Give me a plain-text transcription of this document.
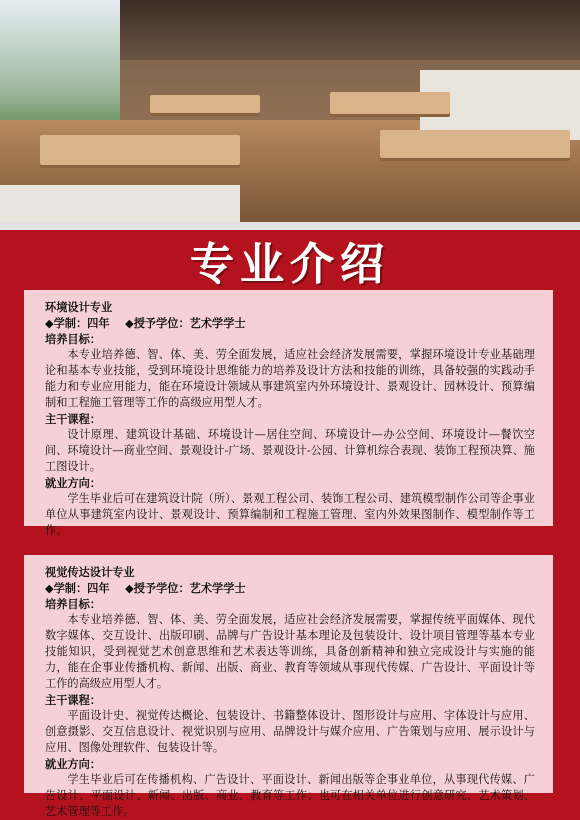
专业介绍

环境设计专业

◆学制：四年 ◆授予学位：艺术学学士

培养目标：

本专业培养德、智、体、美、劳全面发展，适应社会经济发展需要，掌握环境设计专业基础理论和基本专业技能，受到环境设计思维能力的培养及设计方法和技能的训练，具备较强的实践动手能力和专业应用能力，能在环境设计领域从事建筑室内外环境设计、景观设计、园林设计、预算编制和工程施工管理等工作的高级应用型人才。

主干课程：

设计原理、建筑设计基础、环境设计—居住空间、环境设计—办公空间、环境设计—餐饮空间、环境设计—商业空间、景观设计-广场、景观设计-公园、计算机综合表现、装饰工程预决算、施工图设计。

就业方向：

学生毕业后可在建筑设计院（所）、景观工程公司、装饰工程公司、建筑模型制作公司等企事业单位从事建筑室内设计、景观设计、预算编制和工程施工管理、室内外效果图制作、模型制作等工作。

视觉传达设计专业

◆学制：四年 ◆授予学位：艺术学学士

培养目标：

本专业培养德、智、体、美、劳全面发展，适应社会经济发展需要，掌握传统平面媒体、现代数字媒体、交互设计、出版印刷、品牌与广告设计基本理论及包装设计、设计项目管理等基本专业技能知识，受到视觉艺术创意思维和艺术表达等训练，具备创新精神和独立完成设计与实施的能力，能在企事业传播机构、新闻、出版、商业、教育等领域从事现代传媒、广告设计、平面设计等工作的高级应用型人才。

主干课程：

平面设计史、视觉传达概论、包装设计、书籍整体设计、图形设计与应用、字体设计与应用、创意摄影、交互信息设计、视觉识别与应用、品牌设计与媒介应用、广告策划与应用、展示设计与应用、图像处理软件、包装设计等。

就业方向：

学生毕业后可在传播机构、广告设计、平面设计、新闻出版等企事业单位，从事现代传媒、广告设计、平面设计、新闻、出版、商业、教育等工作；也可在相关单位进行创意研究、艺术策划、艺术管理等工作。
